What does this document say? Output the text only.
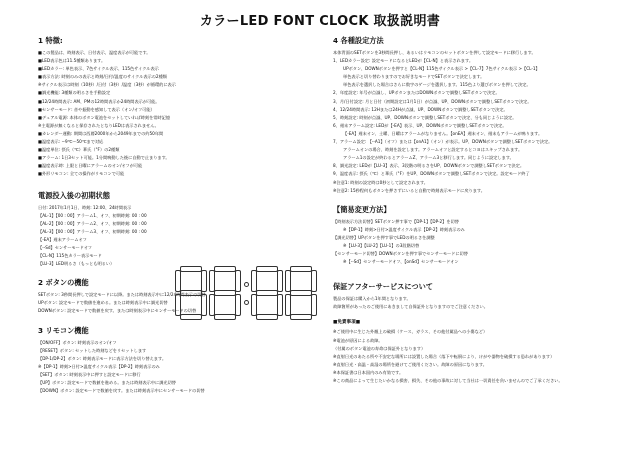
カラーLED FONT CLOCK 取扱説明書
1 特徴:
■この製品は、時刻表示、日付表示、温度表示が可能です。
■LED表示色は11.5種類あります。
■LEDカラー: 単色表示、7色サイクル表示、115色サイクル表示
■表示方法: 時刻のみの表示と時刻/日付/温度のサイクル表示の2種類
※サイクル表示は時刻（10秒）/日付（3秒）/温度（3秒）が循環的に表示
■調光機能: 3種類の明るさを手動設定
■12/24時間表示: AM、PMの12時間表示か24時間表示が可能。
■センサーモード: 音や振動を感知して表示（オン/オフ可能）
■デュアル電源: 本体のボタン電池をセットしていれば時刻を常時記憶
※主電源が無くなると保存されたとなりLEDは表示されません。
■カレンダー運動: 期間は西暦2000年から2049年までの約50年間
■温度表示: −9℃〜50℃まで対応
■温度単位: 摂氏（℃）華氏（°F）の2種類
■アラーム: 1日3セット可能。1分間鳴動した後に自動で止まります。
■温度表示時: 上限と日曜にアラームのオン/オフが可能
■外形リモコン: 全ての操作がリモコンで可能
電源投入後の初期状態
日付: 2017年1月1日、時刻: 12:00、24時間表示
【AL-1】【00 : 00】アラーム1、オフ、初期時刻: 00 : 00
【AL-2】【00 : 00】アラーム2、オフ、初期時刻: 00 : 00
【AL-3】【00 : 00】アラーム3、オフ、初期時刻: 00 : 00
【-EA】週末アラームオフ
【--Sd】センサーモードオフ
【CL-N】115色カラー表示モード
【LU-3】LED明るさ（もっとも明るい）
2 ボタンの機能
SETボタン: 3秒間長押しで設定モードに以降。または時刻表示中に12/24時間表示の切替
UPボタン: 設定モードで数値を進める。または時刻表示中に調光切替
DOWNボタン: 設定モードで数値を戻す。または時刻表示中にセンサーモードの切替
3 リモコン機能
【ON/OFF】ボタン: 時刻表示のオン/オフ
【RESET】ボタン: セットした時刻などをリセットします
【DP-1/DP-2】ボタン: 時刻表示モードに表示方法を切り替えます。
※【DP-1】時刻>日付>温度サイクル表示【DP-2】時刻表示のみ
【SET】ボタン: 時刻表示中に押すと設定モードに移行
【UP】ボタン: 設定モードで数値を進める。または時刻表示中に調光切替
【DOWN】ボタン: 設定モードで数値を戻す。または時刻表示中にセンサーモードの切替
4 各種設定方法
本体背面のSETボタンを3秒間長押し、あるいはリモコンのセットボタンを押して設定モードに移行します。
1、LEDカラー設定: 設定モードになるとLEDが【CL-N】と表示されます。
UPボタン、DOWNボタンを押すと【CL-N】115色サイクル表示 >【CL-7】7色サイクル表示 >【CL-1】
単色表示と切り替わりますのでお好きなモードでSETボタンで決定します。
単色表示を選択した場合はさらに数字のゲージを選択します。115色より選びボタンを押して決定。
2、年度設定: 年号が点滅し、UPボタンまたはDOWNボタンで調整しSETボタンで決定。
3、月/日付設定: 月と日付（初期設定は1月1日）が点滅、UP、DOWNボタンで調整しSETボタンで決定。
4、12/24時間表示: 12Hまたは24Hが点滅、UP、DOWNボタンで調整しSETボタンで決定。
5、時刻設定: 時刻が点滅、UP、DOWNボタンで調整しSETボタンで決定、分も同じように設定。
6、週末アラーム設定: LEDが【-EA】表示、UP、DOWNボタンで調整しSETボタンで決定。
【-EA】週末オン、土曜、日曜はアラームがなりません。【onEA】週末オン、週末もアラームが鳴ります。
7、アラーム設定: 【--A1】（オフ）または【onA1】（オン）が表示。UP、DOWNボタンで調整しSETボタンで決定。
アラームオンの場合、時刻を設定します。アラームオフと設定するとコヨはスキップされます。
アラーム1の設定が終わるとアラームZ、アラーム3と移行します。同じように設定します。
8、調光設定: LEDが【LU-3】表示、3段階の明るさをUP、DOWNボタンで調整しSETボタンで決定。
9、温度表示: 摂氏（℃）と華氏（°F）をUP、DOWNボタンで調整しSETボタンで決定。設定モード終了
※注意1: 時刻の設定時は0秒として設定されます。
※注意2: 15秒程何もボタンを押さずにいると自動で時刻表示モードに戻ります。
【簡易変更方法】
【時刻表示方法切替】SETボタン押す事で【DP-1】【DP-2】を切替
※【DP-1】時刻>日付>温度サイクル表示【DP-2】時刻表示のみ
【調光切替】UPボタンを押す事でLEDの明るさを調整
※【LU-3】【LU-2】【LU-1】の3段階切替
【センサーモード切替】DOWNボタンを押す事でセンサーモードに切替
※【--Sd】センサーモードオフ、【onSd】センサーモードオン
保証アフターサービスについて
製品の保証は購入から1年間となります。
故障箇所があったのご使用にあきまして自保証外となりますのでご注意ください。
■免責事項■
※ご使用中に生じた外観上の破損（ケース、ガラス、その他付属品への小傷など）
※電池が原因による故障。
（付属のボタン電池の寿命は保証外となります）
※直射日光のあたる所や不安定な場所には設置した場合（落下や転倒により、けがや器物を破損する恐れがあります）
※直射日光・高温・高湿の場所を避けてご使用ください。故障の原因になります。
※本保証書は日本国内のみ有効です。
※この商品によって生じたいかなる損害、損失、その他の事故に対して当社は一切責任を負いませんのでご了承ください。
